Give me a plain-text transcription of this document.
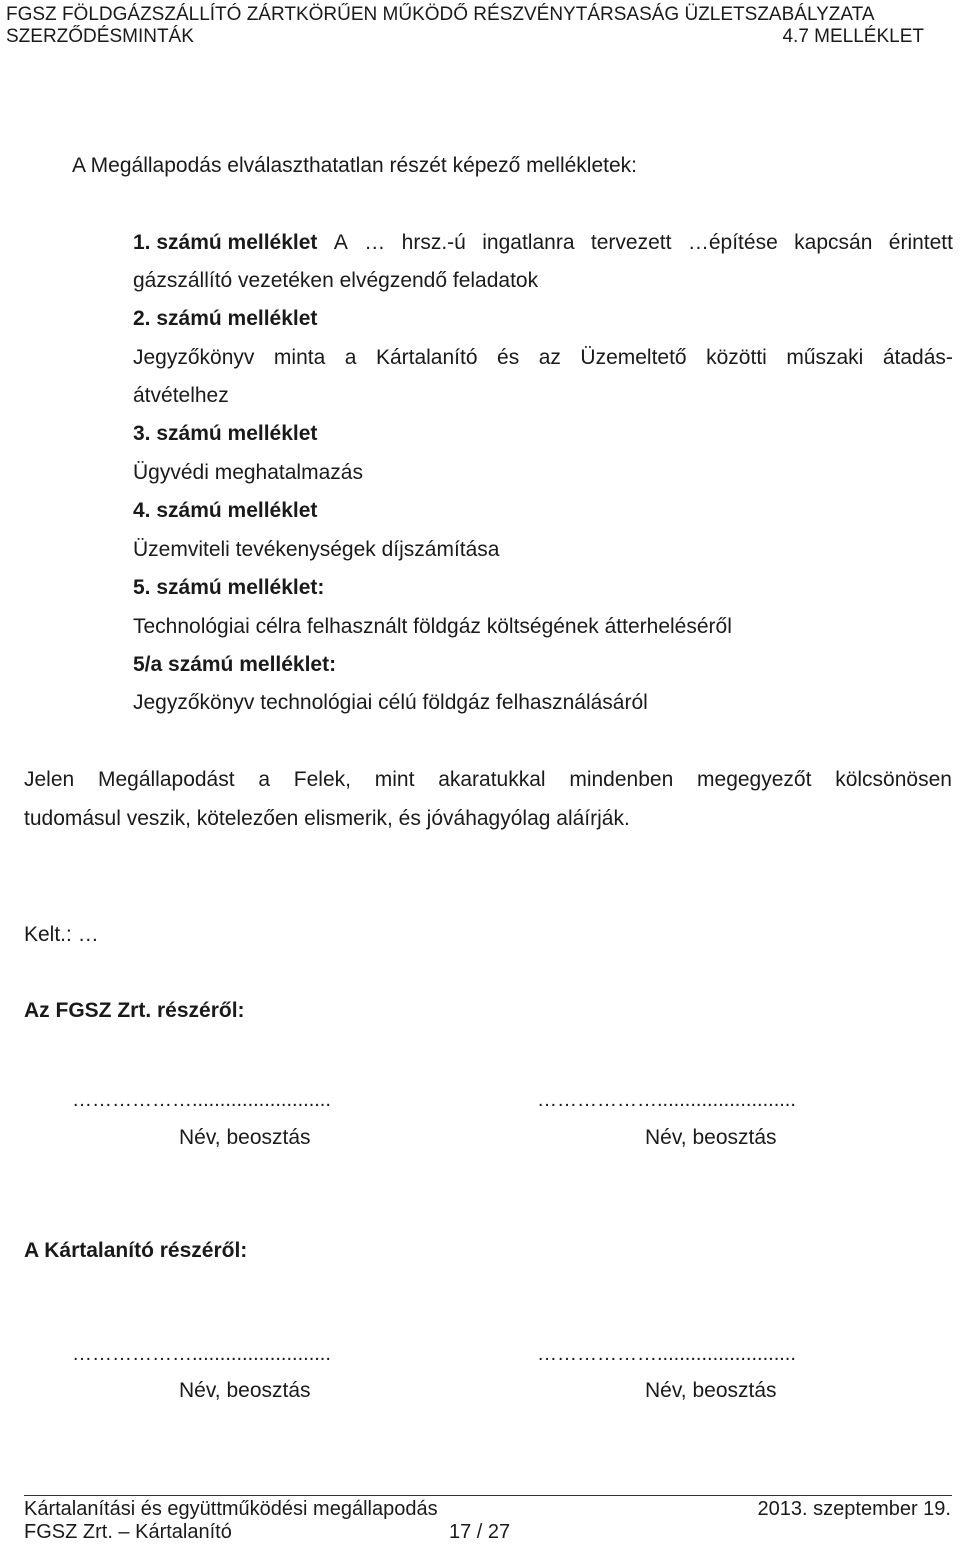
FGSZ FÖLDGÁZSZÁLLÍTÓ ZÁRTKÖRŰEN MŰKÖDŐ RÉSZVÉNYTÁRSASÁG ÜZLETSZABÁLYZATA
SZERZŐDÉSMINTÁK	4.7 MELLÉKLET
A Megállapodás elválaszthatatlan részét képező mellékletek:
1. számú melléklet A … hrsz.-ú ingatlanra tervezett …építése kapcsán érintett
gázszállító vezetéken elvégzendő feladatok
2. számú melléklet
Jegyzőkönyv minta a Kártalanító és az Üzemeltető közötti műszaki átadás-
átvételhez
3. számú melléklet
Ügyvédi meghatalmazás
4. számú melléklet
Üzemviteli tevékenységek díjszámítása
5. számú melléklet:
Technológiai célra felhasznált földgáz költségének átterheléséről
5/a számú melléklet:
Jegyzőkönyv technológiai célú földgáz felhasználásáról
Jelen Megállapodást a Felek, mint akaratukkal mindenben megegyezőt kölcsönösen
tudomásul veszik, kötelezően elismerik, és jóváhagyólag aláírják.
Kelt.: …
Az FGSZ Zrt. részéről:
……………….........................	……………….........................
Név, beosztás	Név, beosztás
A Kártalanító részéről:
……………….........................	……………….........................
Név, beosztás	Név, beosztás
Kártalanítási és együttműködési megállapodás	2013. szeptember 19.
FGSZ Zrt. – Kártalanító	17 / 27
